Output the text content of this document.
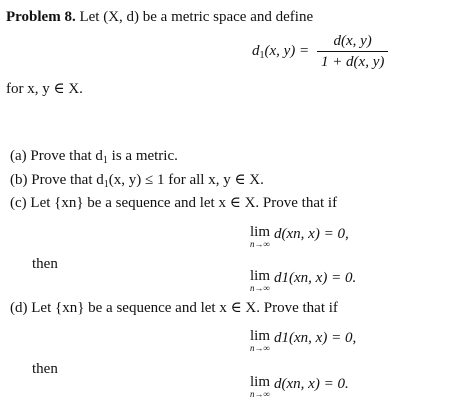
Problem 8. Let (X, d) be a metric space and define
$d_1(x$, $y) = \frac{d(x, y)}{1 + d(x, y)}$
for x, y ∈ X.
(a) Prove that $d_1$ is a metric.
(b) Prove that $d_1(x$, y) ≤ 1 for all x, y ∈ X.
(c) Let {xn} be a sequence and let x ∈ X. Prove that if
lim
n→∞
d(xn, x) = 0,
then
lim
n→∞
d1(xn, x) = 0.
(d) Let {xn} be a sequence and let x ∈ X. Prove that if
lim
n→∞
d1(xn, x) = 0,
then
lim
n→∞
d(xn, x) = 0.
